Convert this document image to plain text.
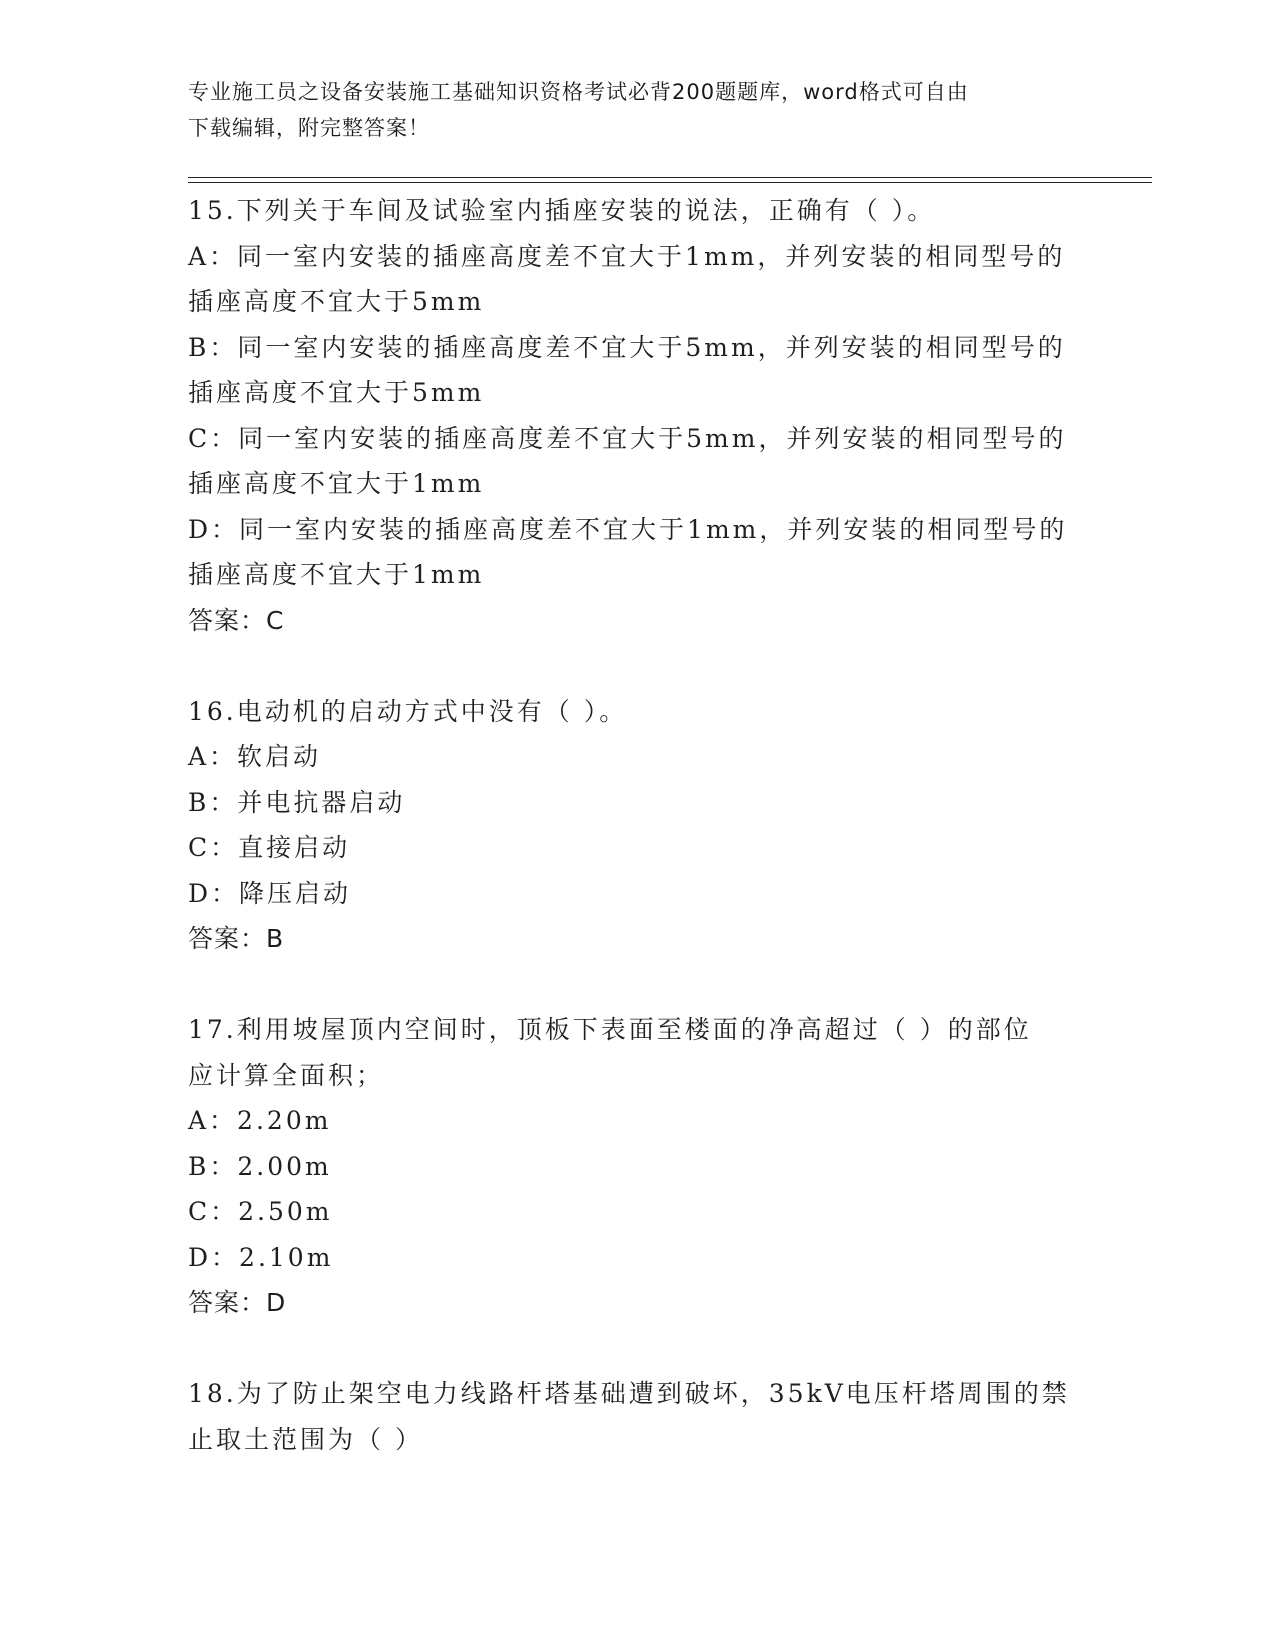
专业施工员之设备安装施工基础知识资格考试必背200题题库，word格式可自由
下载编辑，附完整答案！
15.下列关于车间及试验室内插座安装的说法，正确有（ ）。
A：同一室内安装的插座高度差不宜大于1mm，并列安装的相同型号的
插座高度不宜大于5mm
B：同一室内安装的插座高度差不宜大于5mm，并列安装的相同型号的
插座高度不宜大于5mm
C：同一室内安装的插座高度差不宜大于5mm，并列安装的相同型号的
插座高度不宜大于1mm
D：同一室内安装的插座高度差不宜大于1mm，并列安装的相同型号的
插座高度不宜大于1mm
答案：C
16.电动机的启动方式中没有（ ）。
A：软启动
B：并电抗器启动
C：直接启动
D：降压启动
答案：B
17.利用坡屋顶内空间时，顶板下表面至楼面的净高超过（ ）的部位
应计算全面积；
A：2.20m
B：2.00m
C：2.50m
D：2.10m
答案：D
18.为了防止架空电力线路杆塔基础遭到破坏，35kV电压杆塔周围的禁
止取土范围为（ ）
